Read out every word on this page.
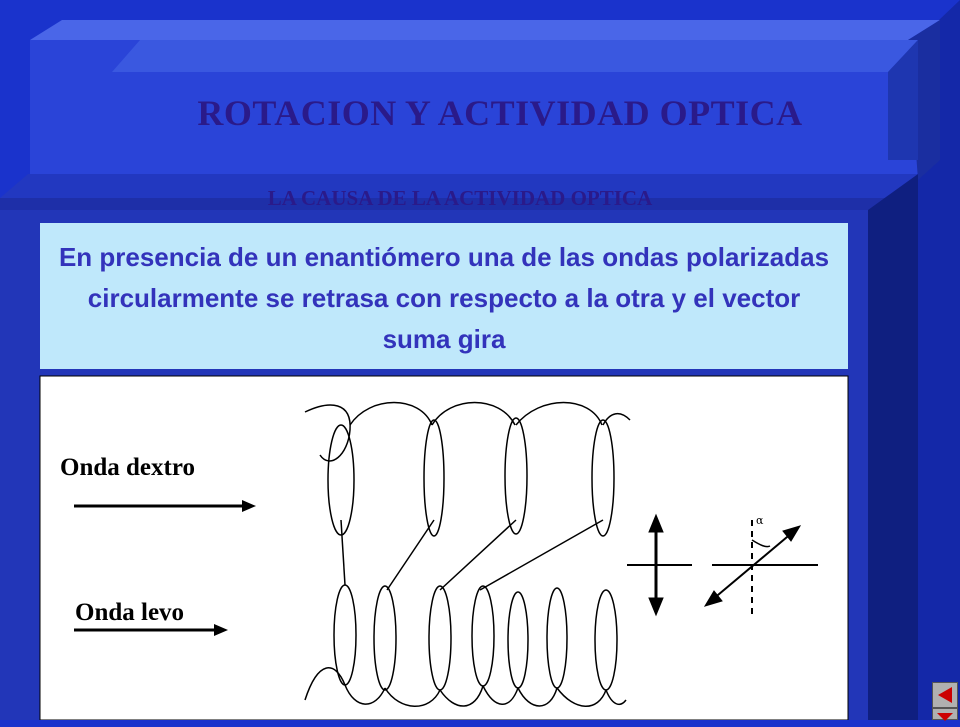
ROTACION Y ACTIVIDAD OPTICA
LA CAUSA DE LA ACTIVIDAD OPTICA
En presencia de un enantiómero una de las ondas polarizadas circularmente se retrasa con respecto a la otra y el vector suma gira
Onda dextro
Onda levo
α
